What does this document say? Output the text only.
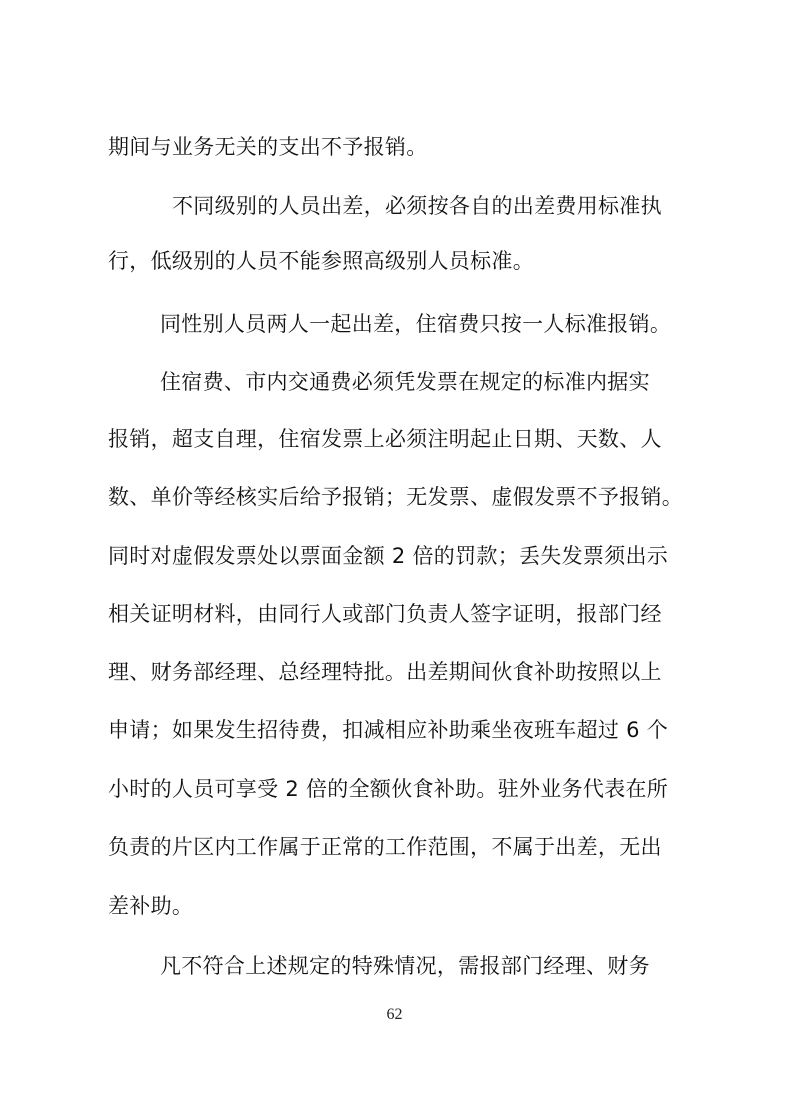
期间与业务无关的支出不予报销。
不同级别的人员出差，必须按各自的出差费用标准执
行，低级别的人员不能参照高级别人员标准。
同性别人员两人一起出差，住宿费只按一人标准报销。
住宿费、市内交通费必须凭发票在规定的标准内据实
报销，超支自理，住宿发票上必须注明起止日期、天数、人
数、单价等经核实后给予报销；无发票、虚假发票不予报销。
同时对虚假发票处以票面金额 2 倍的罚款；丢失发票须出示
相关证明材料，由同行人或部门负责人签字证明，报部门经
理、财务部经理、总经理特批。出差期间伙食补助按照以上
申请；如果发生招待费，扣减相应补助乘坐夜班车超过 6 个
小时的人员可享受 2 倍的全额伙食补助。驻外业务代表在所
负责的片区内工作属于正常的工作范围，不属于出差，无出
差补助。
凡不符合上述规定的特殊情况，需报部门经理、财务
62
